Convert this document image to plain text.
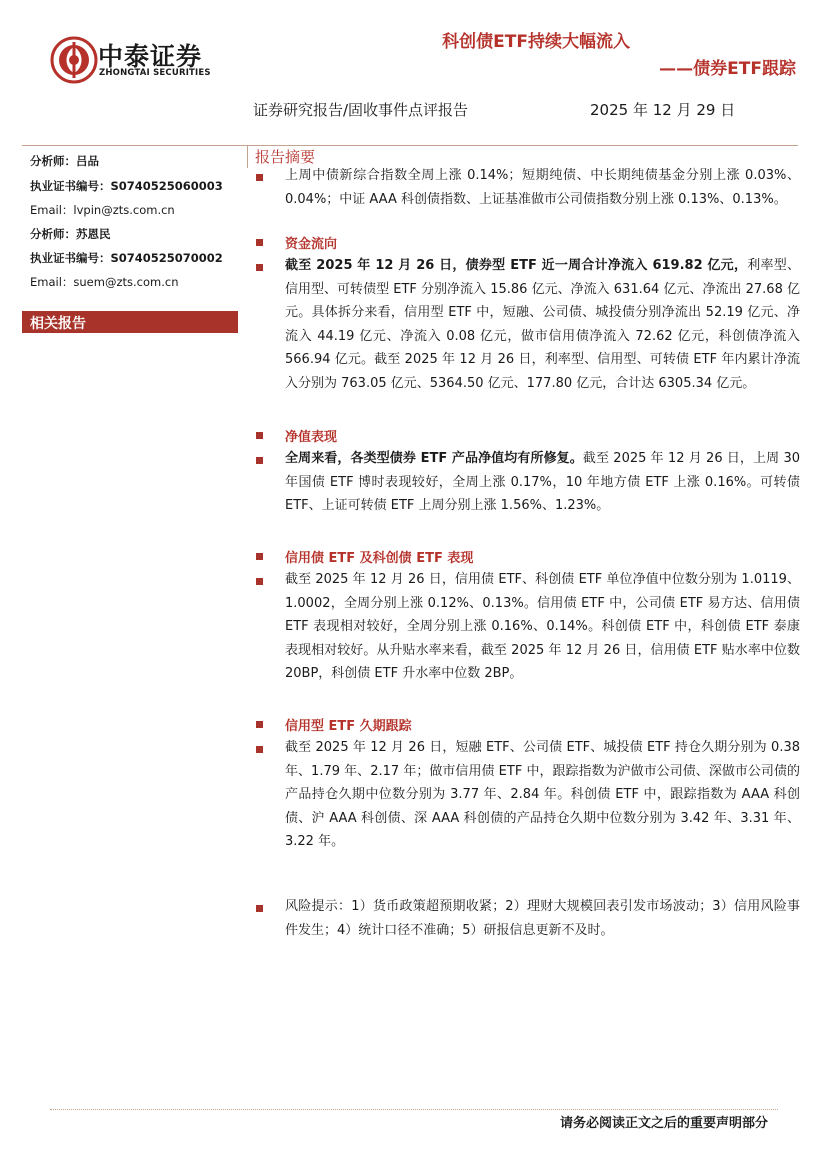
中泰证券
ZHONGTAI SECURITIES
科创债ETF持续大幅流入
——债券ETF跟踪
证券研究报告/固收事件点评报告	2025 年 12 月 29 日
分析师：吕品
执业证书编号：S0740525060003
Email：lvpin@zts.com.cn
分析师：苏恩民
执业证书编号：S0740525070002
Email：suem@zts.com.cn
相关报告
报告摘要
上周中债新综合指数全周上涨 0.14%；短期纯债、中长期纯债基金分别上涨 0.03%、0.04%；中证 AAA 科创债指数、上证基准做市公司债指数分别上涨 0.13%、0.13%。
资金流向
截至 2025 年 12 月 26 日，债券型 ETF 近一周合计净流入 619.82 亿元，利率型、信用型、可转债型 ETF 分别净流入 15.86 亿元、净流入 631.64 亿元、净流出 27.68 亿元。具体拆分来看，信用型 ETF 中，短融、公司债、城投债分别净流出 52.19 亿元、净流入 44.19 亿元、净流入 0.08 亿元，做市信用债净流入 72.62 亿元，科创债净流入 566.94 亿元。截至 2025 年 12 月 26 日，利率型、信用型、可转债 ETF 年内累计净流入分别为 763.05 亿元、5364.50 亿元、177.80 亿元，合计达 6305.34 亿元。
净值表现
全周来看，各类型债券 ETF 产品净值均有所修复。截至 2025 年 12 月 26 日，上周 30 年国债 ETF 博时表现较好，全周上涨 0.17%，10 年地方债 ETF 上涨 0.16%。可转债 ETF、上证可转债 ETF 上周分别上涨 1.56%、1.23%。
信用债 ETF 及科创债 ETF 表现
截至 2025 年 12 月 26 日，信用债 ETF、科创债 ETF 单位净值中位数分别为 1.0119、1.0002，全周分别上涨 0.12%、0.13%。信用债 ETF 中，公司债 ETF 易方达、信用债 ETF 表现相对较好，全周分别上涨 0.16%、0.14%。科创债 ETF 中，科创债 ETF 泰康表现相对较好。从升贴水率来看，截至 2025 年 12 月 26 日，信用债 ETF 贴水率中位数 20BP，科创债 ETF 升水率中位数 2BP。
信用型 ETF 久期跟踪
截至 2025 年 12 月 26 日，短融 ETF、公司债 ETF、城投债 ETF 持仓久期分别为 0.38 年、1.79 年、2.17 年；做市信用债 ETF 中，跟踪指数为沪做市公司债、深做市公司债的产品持仓久期中位数分别为 3.77 年、2.84 年。科创债 ETF 中，跟踪指数为 AAA 科创债、沪 AAA 科创债、深 AAA 科创债的产品持仓久期中位数分别为 3.42 年、3.31 年、3.22 年。
风险提示：1）货币政策超预期收紧；2）理财大规模回表引发市场波动；3）信用风险事件发生；4）统计口径不准确；5）研报信息更新不及时。
请务必阅读正文之后的重要声明部分
